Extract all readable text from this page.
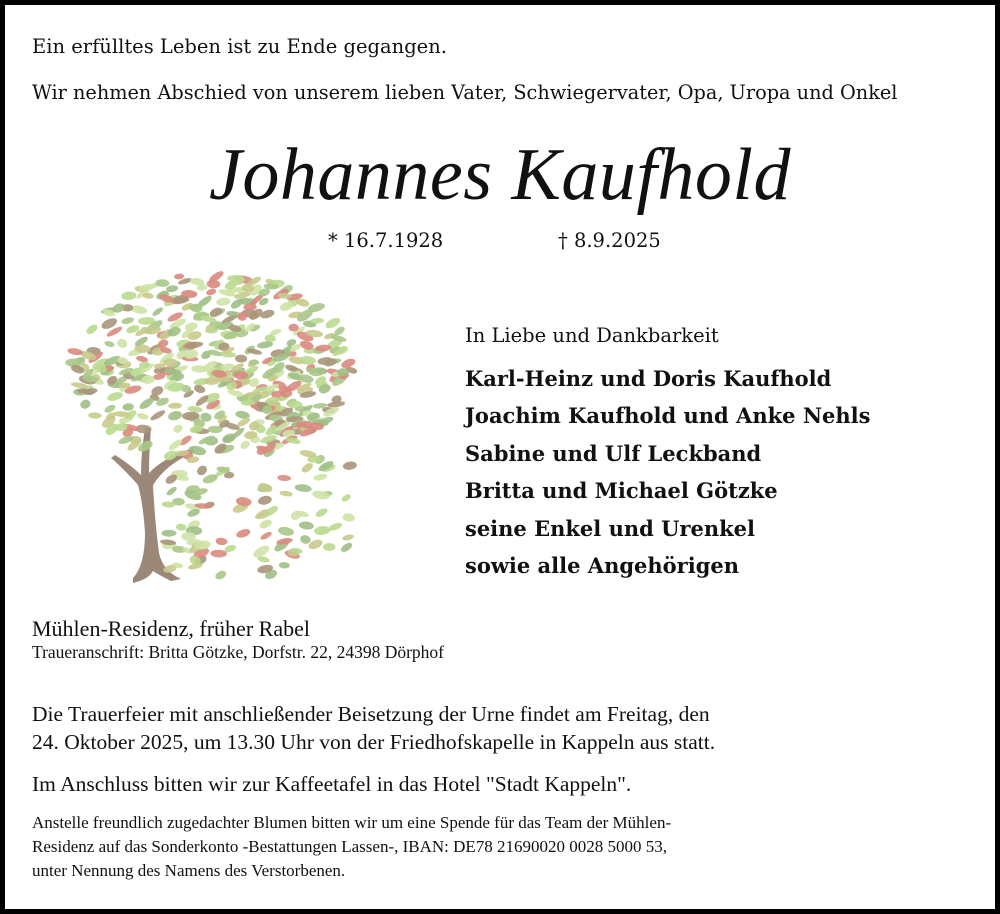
Ein erfülltes Leben ist zu Ende gegangen.
Wir nehmen Abschied von unserem lieben Vater, Schwiegervater, Opa, Uropa und Onkel
Johannes Kaufhold
* 16.7.1928	† 8.9.2025
In Liebe und Dankbarkeit
Karl-Heinz und Doris Kaufhold
Joachim Kaufhold und Anke Nehls
Sabine und Ulf Leckband
Britta und Michael Götzke
seine Enkel und Urenkel
sowie alle Angehörigen
Mühlen-Residenz, früher Rabel
Traueranschrift: Britta Götzke, Dorfstr. 22, 24398 Dörphof
Die Trauerfeier mit anschließender Beisetzung der Urne findet am Freitag, den
24. Oktober 2025, um 13.30 Uhr von der Friedhofskapelle in Kappeln aus statt.
Im Anschluss bitten wir zur Kaffeetafel in das Hotel "Stadt Kappeln".
Anstelle freundlich zugedachter Blumen bitten wir um eine Spende für das Team der Mühlen-
Residenz auf das Sonderkonto -Bestattungen Lassen-, IBAN: DE78 21690020 0028 5000 53,
unter Nennung des Namens des Verstorbenen.
